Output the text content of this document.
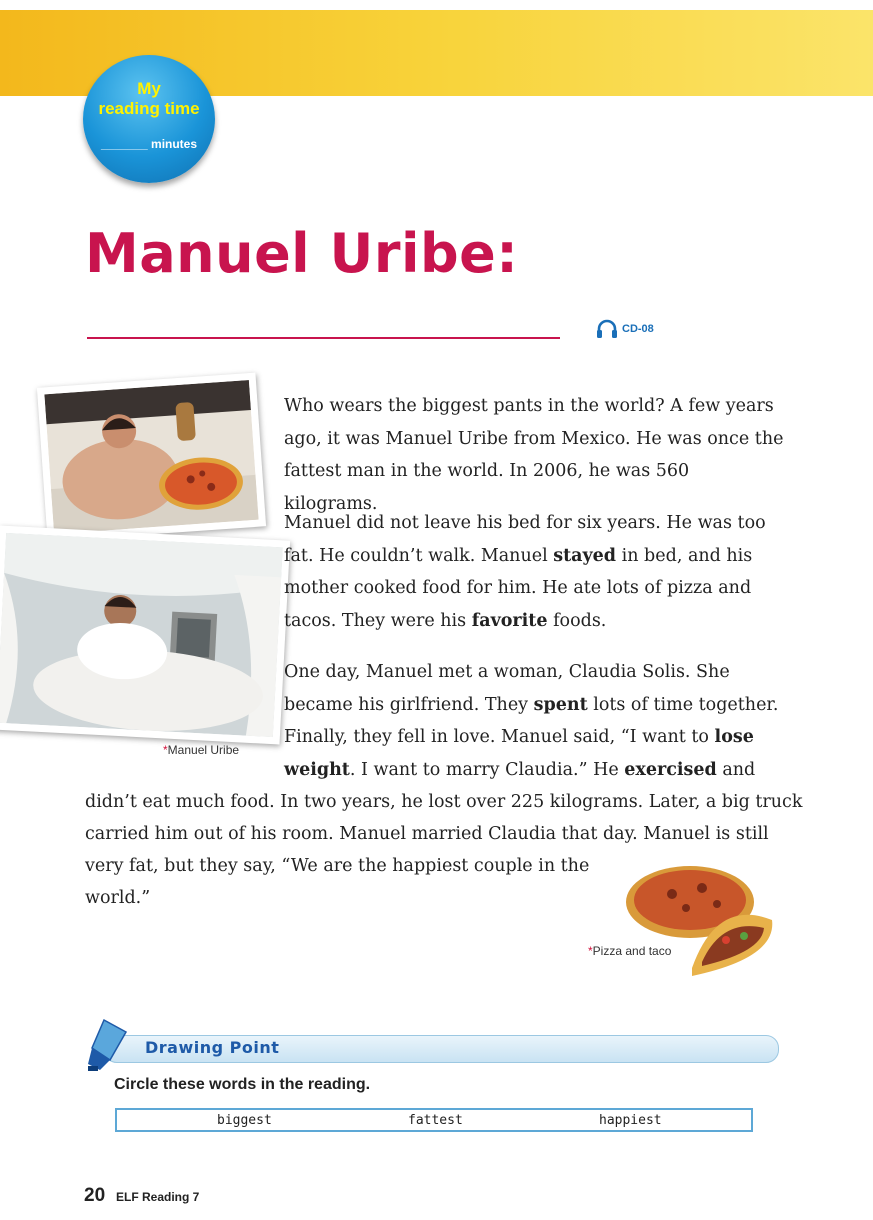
My
reading time
_______ minutes
Manuel Uribe:
CD-08
*Manuel Uribe

Who wears the biggest pants in the world? A few years ago, it was Manuel Uribe from Mexico. He was once the fattest man in the world. In 2006, he was 560 kilograms.

Manuel did not leave his bed for six years. He was too fat. He couldn’t walk. Manuel stayed in bed, and his mother cooked food for him. He ate lots of pizza and tacos. They were his favorite foods.

One day, Manuel met a woman, Claudia Solis. She became his girlfriend. They spent lots of time together. Finally, they fell in love. Manuel said, “I want to lose
weight. I want to marry Claudia.” He exercised and

didn’t eat much food. In two years, he lost over 225 kilograms. Later, a big truck

carried him out of his room. Manuel married Claudia that day. Manuel is still

very fat, but they say, “We are the happiest couple in the

world.”

*Pizza and taco
Drawing Point
Circle these words in the reading.
biggest	fattest	happiest
20 ELF Reading 7
